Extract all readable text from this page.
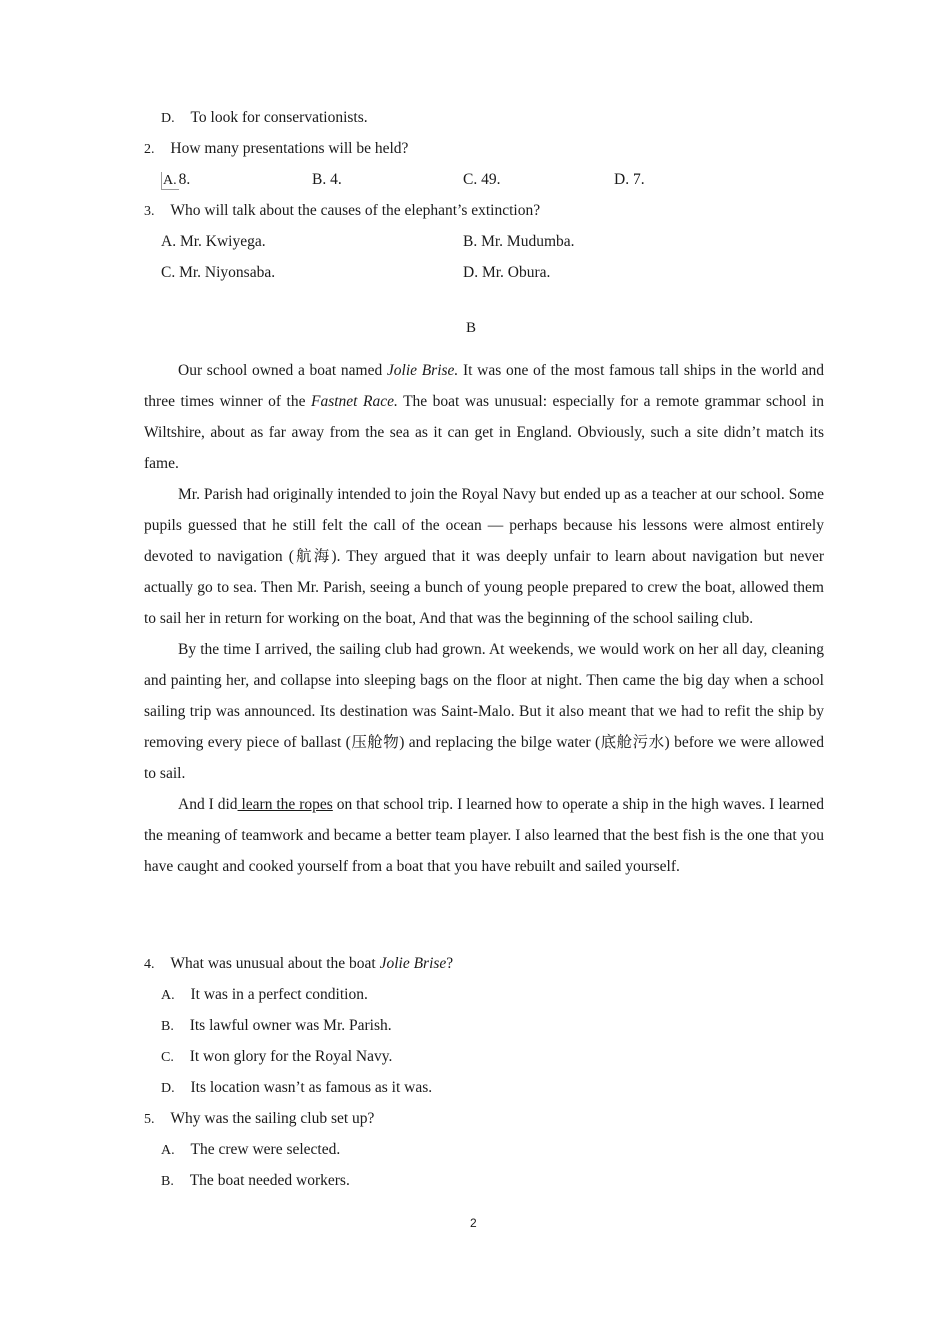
D. To look for conservationists.
2. How many presentations will be held?
A. 8.	B. 4.	C. 49.	D. 7.
3. Who will talk about the causes of the elephant’s extinction?
A. Mr. Kwiyega.	B. Mr. Mudumba.
C. Mr. Niyonsaba.	D. Mr. Obura.
B

Our school owned a boat named Jolie Brise. It was one of the most famous tall ships in the world and three times winner of the Fastnet Race. The boat was unusual: especially for a remote grammar school in Wiltshire, about as far away from the sea as it can get in England. Obviously, such a site didn’t match its fame.

Mr. Parish had originally intended to join the Royal Navy but ended up as a teacher at our school. Some pupils guessed that he still felt the call of the ocean — perhaps because his lessons were almost entirely devoted to navigation (航海). They argued that it was deeply unfair to learn about navigation but never actually go to sea. Then Mr. Parish, seeing a bunch of young people prepared to crew the boat, allowed them to sail her in return for working on the boat, And that was the beginning of the school sailing club.

By the time I arrived, the sailing club had grown. At weekends, we would work on her all day, cleaning and painting her, and collapse into sleeping bags on the floor at night. Then came the big day when a school sailing trip was announced. Its destination was Saint-Malo. But it also meant that we had to refit the ship by removing every piece of ballast (压舱物) and replacing the bilge water (底舱污水) before we were allowed to sail.

And I did learn the ropes on that school trip. I learned how to operate a ship in the high waves. I learned the meaning of teamwork and became a better team player. I also learned that the best fish is the one that you have caught and cooked yourself from a boat that you have rebuilt and sailed yourself.

4. What was unusual about the boat Jolie Brise?
A. It was in a perfect condition.
B. Its lawful owner was Mr. Parish.
C. It won glory for the Royal Navy.
D. Its location wasn’t as famous as it was.
5. Why was the sailing club set up?
A. The crew were selected.
B. The boat needed workers.
2
